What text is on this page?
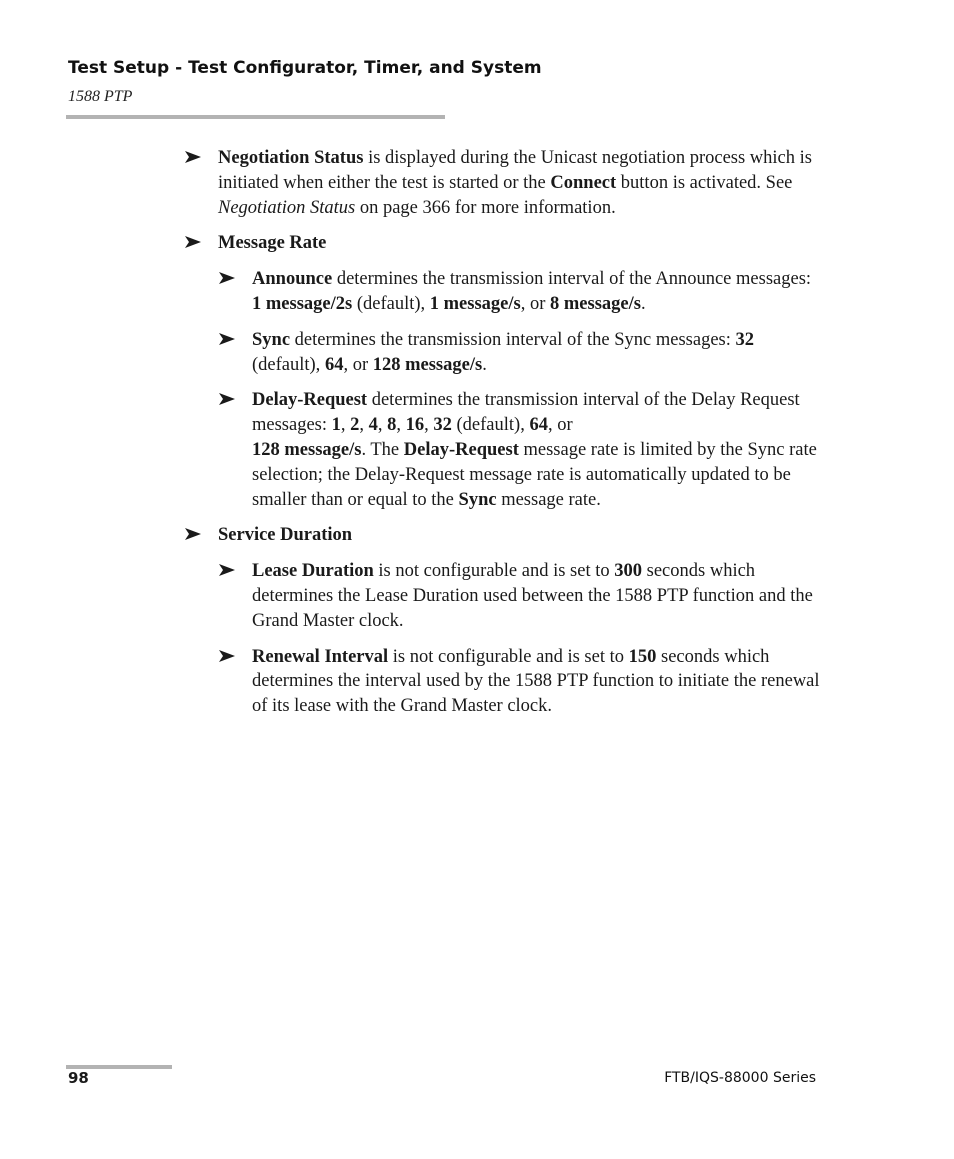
Test Setup - Test Configurator, Timer, and System
1588 PTP
Negotiation Status is displayed during the Unicast negotiation process which is initiated when either the test is started or the Connect button is activated. See Negotiation Status on page 366 for more information.
Message Rate
Announce determines the transmission interval of the Announce messages: 1 message/2s (default), 1 message/s, or 8 message/s.
Sync determines the transmission interval of the Sync messages: 32 (default), 64, or 128 message/s.
Delay-Request determines the transmission interval of the Delay Request messages: 1, 2, 4, 8, 16, 32 (default), 64, or
128 message/s. The Delay-Request message rate is limited by the Sync rate selection; the Delay-Request message rate is automatically updated to be smaller than or equal to the Sync message rate.
Service Duration
Lease Duration is not configurable and is set to 300 seconds which determines the Lease Duration used between the 1588 PTP function and the Grand Master clock.
Renewal Interval is not configurable and is set to 150 seconds which determines the interval used by the 1588 PTP function to initiate the renewal of its lease with the Grand Master clock.
98	FTB/IQS-88000 Series
